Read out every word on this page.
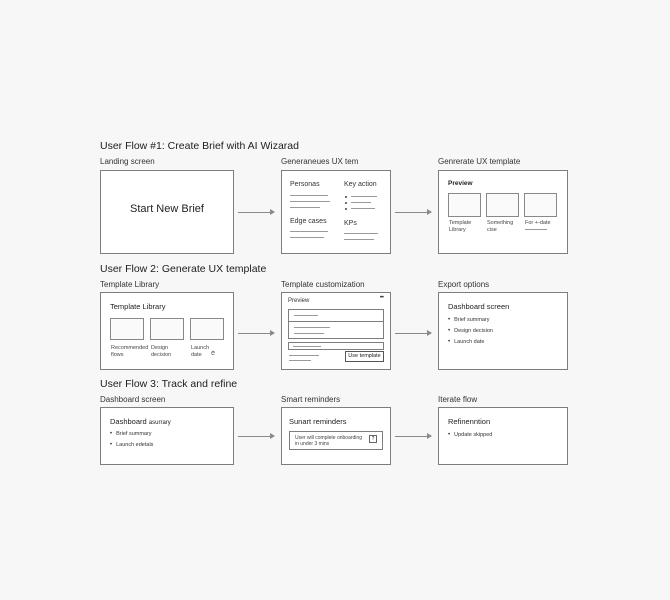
User Flow #1: Create Brief with AI Wizarad
Landing screen
Start New Brief
Generaneues UX tem
Personas	Key action
Edge cases KPs
Genrerate UX template
Preview
Template
Library
Something
cise
For +-date
User Flow 2: Generate UX template
Template Library
Template Library
Recommended
flows
Design
decision
Launch
date	₾
Template customization
Preview	•••
Use template
Export options
Dashboard screen
• Brief summary
• Design decision
• Launch date
User Flow 3: Track and refine
Dashboard screen
Dashboard asurrary
• Brief summary
• Launch edetals
Smart reminders
Sunart reminders
User will complete onboarding
in under 3 mins
?
Iterate flow
Refinenntion
• Update skipped
